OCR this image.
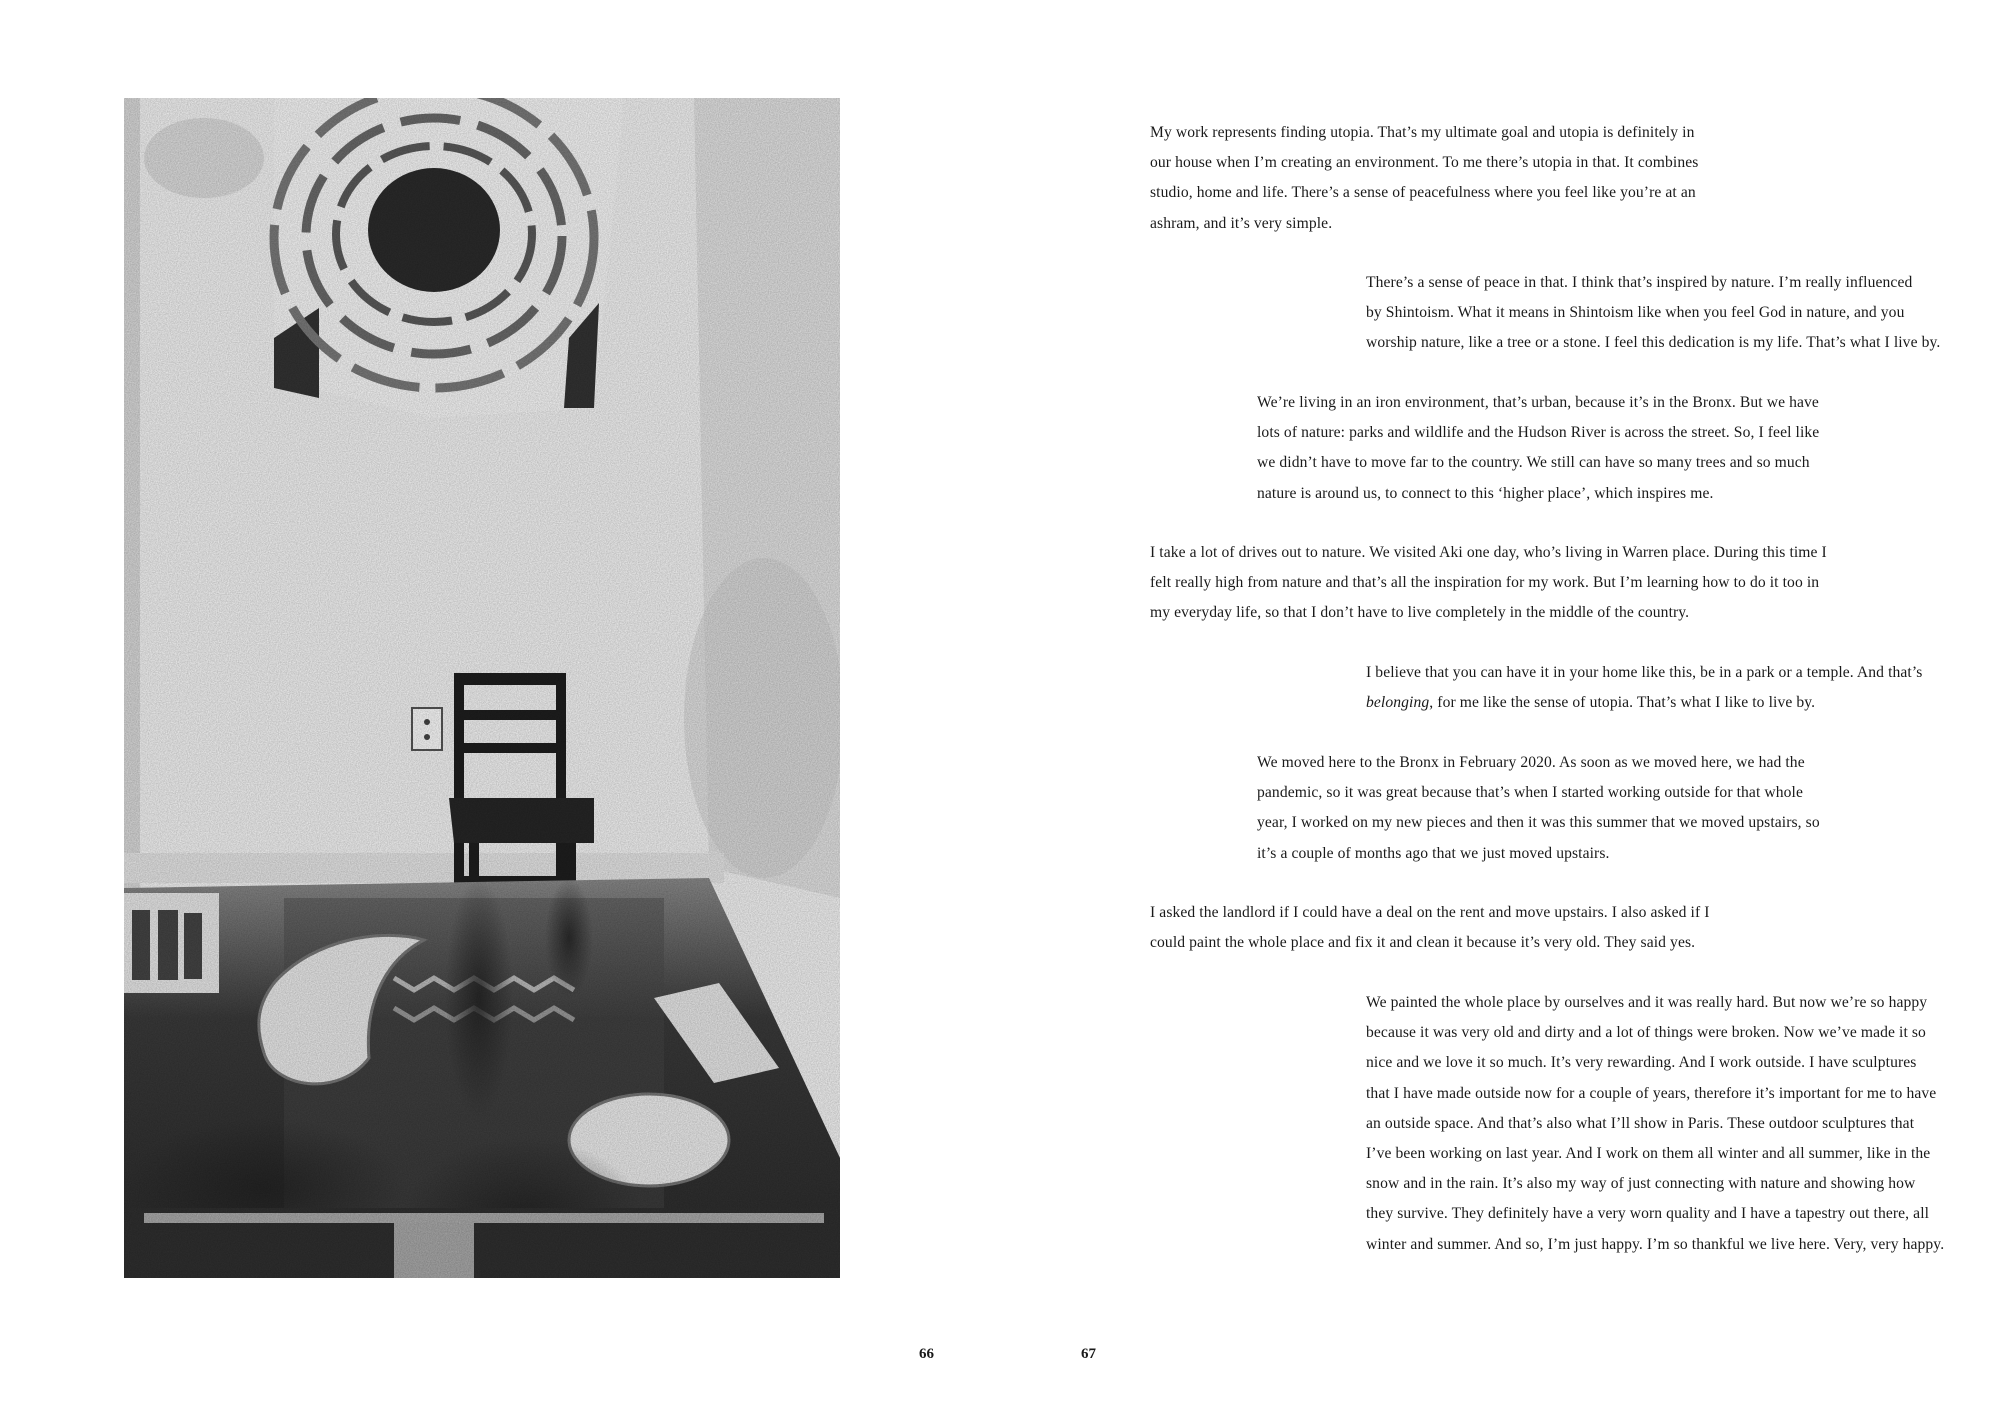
My work represents finding utopia. That’s my ultimate goal and utopia is definitely in
our house when I’m creating an environment. To me there’s utopia in that. It combines
studio, home and life. There’s a sense of peacefulness where you feel like you’re at an
ashram, and it’s very simple.
There’s a sense of peace in that. I think that’s inspired by nature. I’m really influenced
by Shintoism. What it means in Shintoism like when you feel God in nature, and you
worship nature, like a tree or a stone. I feel this dedication is my life. That’s what I live by.
We’re living in an iron environment, that’s urban, because it’s in the Bronx. But we have
lots of nature: parks and wildlife and the Hudson River is across the street. So, I feel like
we didn’t have to move far to the country. We still can have so many trees and so much
nature is around us, to connect to this ‘higher place’, which inspires me.
I take a lot of drives out to nature. We visited Aki one day, who’s living in Warren place. During this time I
felt really high from nature and that’s all the inspiration for my work. But I’m learning how to do it too in
my everyday life, so that I don’t have to live completely in the middle of the country.
I believe that you can have it in your home like this, be in a park or a temple. And that’s
belonging, for me like the sense of utopia. That’s what I like to live by.
We moved here to the Bronx in February 2020. As soon as we moved here, we had the
pandemic, so it was great because that’s when I started working outside for that whole
year, I worked on my new pieces and then it was this summer that we moved upstairs, so
it’s a couple of months ago that we just moved upstairs.
I asked the landlord if I could have a deal on the rent and move upstairs. I also asked if I
could paint the whole place and fix it and clean it because it’s very old. They said yes.
We painted the whole place by ourselves and it was really hard. But now we’re so happy
because it was very old and dirty and a lot of things were broken. Now we’ve made it so
nice and we love it so much. It’s very rewarding. And I work outside. I have sculptures
that I have made outside now for a couple of years, therefore it’s important for me to have
an outside space. And that’s also what I’ll show in Paris. These outdoor sculptures that
I’ve been working on last year. And I work on them all winter and all summer, like in the
snow and in the rain. It’s also my way of just connecting with nature and showing how
they survive. They definitely have a very worn quality and I have a tapestry out there, all
winter and summer. And so, I’m just happy. I’m so thankful we live here. Very, very happy.
66	67
